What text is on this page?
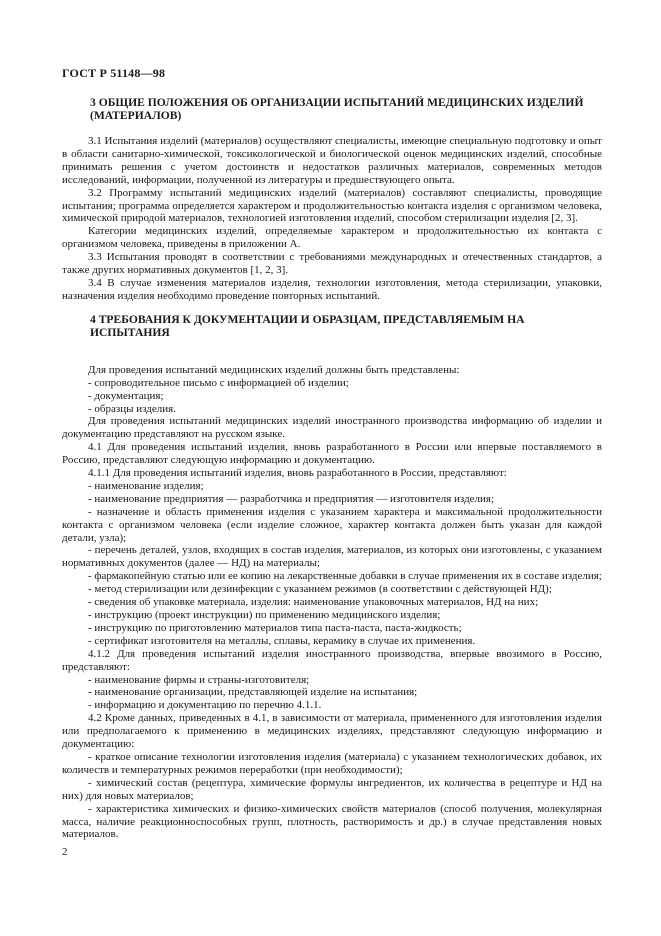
ГОСТ Р 51148—98
3 ОБЩИЕ ПОЛОЖЕНИЯ ОБ ОРГАНИЗАЦИИ ИСПЫТАНИЙ МЕДИЦИНСКИХ ИЗДЕЛИЙ (МАТЕРИАЛОВ)

3.1 Испытания изделий (материалов) осуществляют специалисты, имеющие специальную подготовку и опыт в области санитарно-химической, токсикологической и биологической оценок медицинских изделий, способные принимать решения с учетом достоинств и недостатков различных материалов, современных методов исследований, информации, полученной из литературы и предшествующего опыта.

3.2 Программу испытаний медицинских изделий (материалов) составляют специалисты, проводящие испытания; программа определяется характером и продолжительностью контакта изделия с организмом человека, химической природой материалов, технологией изготовления изделий, способом стерилизации изделия [2, 3].

Категории медицинских изделий, определяемые характером и продолжительностью их контакта с организмом человека, приведены в приложении А.

3.3 Испытания проводят в соответствии с требованиями международных и отечественных стандартов, а также других нормативных документов [1, 2, 3].

3.4 В случае изменения материалов изделия, технологии изготовления, метода стерилизации, упаковки, назначения изделия необходимо проведение повторных испытаний.

4 ТРЕБОВАНИЯ К ДОКУМЕНТАЦИИ И ОБРАЗЦАМ, ПРЕДСТАВЛЯЕМЫМ НА ИСПЫТАНИЯ

Для проведения испытаний медицинских изделий должны быть представлены:

- сопроводительное письмо с информацией об изделии;

- документация;

- образцы изделия.

Для проведения испытаний медицинских изделий иностранного производства информацию об изделии и документацию представляют на русском языке.

4.1 Для проведения испытаний изделия, вновь разработанного в России или впервые поставляемого в Россию, представляют следующую информацию и документацию.

4.1.1 Для проведения испытаний изделия, вновь разработанного в России, представляют:

- наименование изделия;

- наименование предприятия — разработчика и предприятия — изготовителя изделия;

- назначение и область применения изделия с указанием характера и максимальной продолжительности контакта с организмом человека (если изделие сложное, характер контакта должен быть указан для каждой детали, узла);

- перечень деталей, узлов, входящих в состав изделия, материалов, из которых они изготовлены, с указанием нормативных документов (далее — НД) на материалы;

- фармакопейную статью или ее копию на лекарственные добавки в случае применения их в составе изделия;

- метод стерилизации или дезинфекции с указанием режимов (в соответствии с действующей НД);

- сведения об упаковке материала, изделия: наименование упаковочных материалов, НД на них;

- инструкцию (проект инструкции) по применению медицинского изделия;

- инструкцию по приготовлению материалов типа паста-паста, паста-жидкость;

- сертификат изготовителя на металлы, сплавы, керамику в случае их применения.

4.1.2 Для проведения испытаний изделия иностранного производства, впервые ввозимого в Россию, представляют:

- наименование фирмы и страны-изготовителя;

- наименование организации, представляющей изделие на испытания;

- информацию и документацию по перечню 4.1.1.

4.2 Кроме данных, приведенных в 4.1, в зависимости от материала, примененного для изготовления изделия или предполагаемого к применению в медицинских изделиях, представляют следующую информацию и документацию:

- краткое описание технологии изготовления изделия (материала) с указанием технологических добавок, их количеств и температурных режимов переработки (при необходимости);

- химический состав (рецептура, химические формулы ингредиентов, их количества в рецептуре и НД на них) для новых материалов;

- характеристика химических и физико-химических свойств материалов (способ получения, молекулярная масса, наличие реакционноспособных групп, плотность, растворимость и др.) в случае представления новых материалов.

2
